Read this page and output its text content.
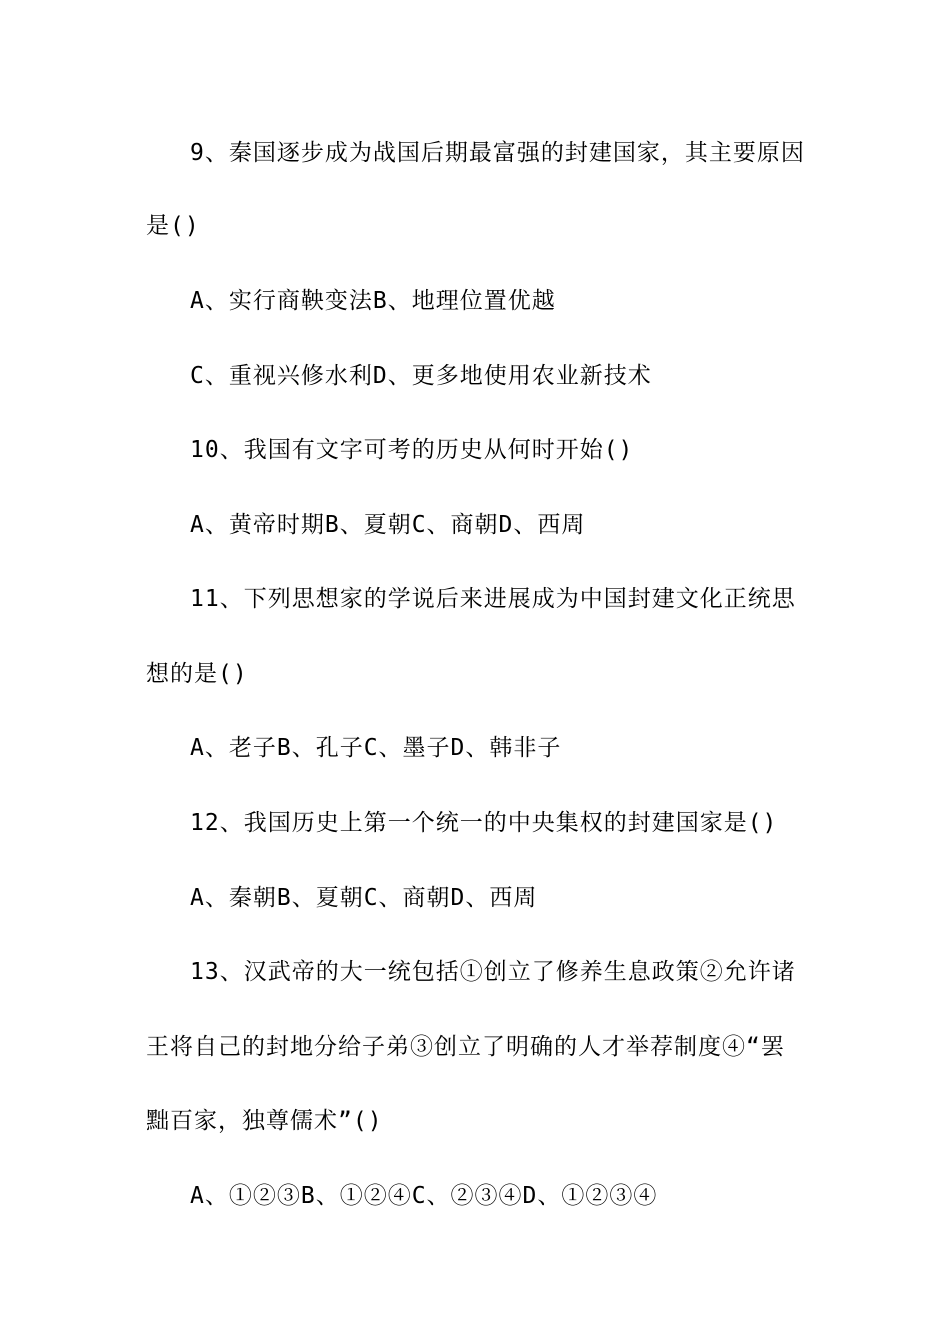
9、秦国逐步成为战国后期最富强的封建国家，其主要原因
是()
A、实行商鞅变法B、地理位置优越
C、重视兴修水利D、更多地使用农业新技术
10、我国有文字可考的历史从何时开始()
A、黄帝时期B、夏朝C、商朝D、西周
11、下列思想家的学说后来进展成为中国封建文化正统思
想的是()
A、老子B、孔子C、墨子D、韩非子
12、我国历史上第一个统一的中央集权的封建国家是()
A、秦朝B、夏朝C、商朝D、西周
13、汉武帝的大一统包括①创立了修养生息政策②允许诸
王将自己的封地分给子弟③创立了明确的人才举荐制度④“罢
黜百家，独尊儒术”()
A、①②③B、①②④C、②③④D、①②③④
